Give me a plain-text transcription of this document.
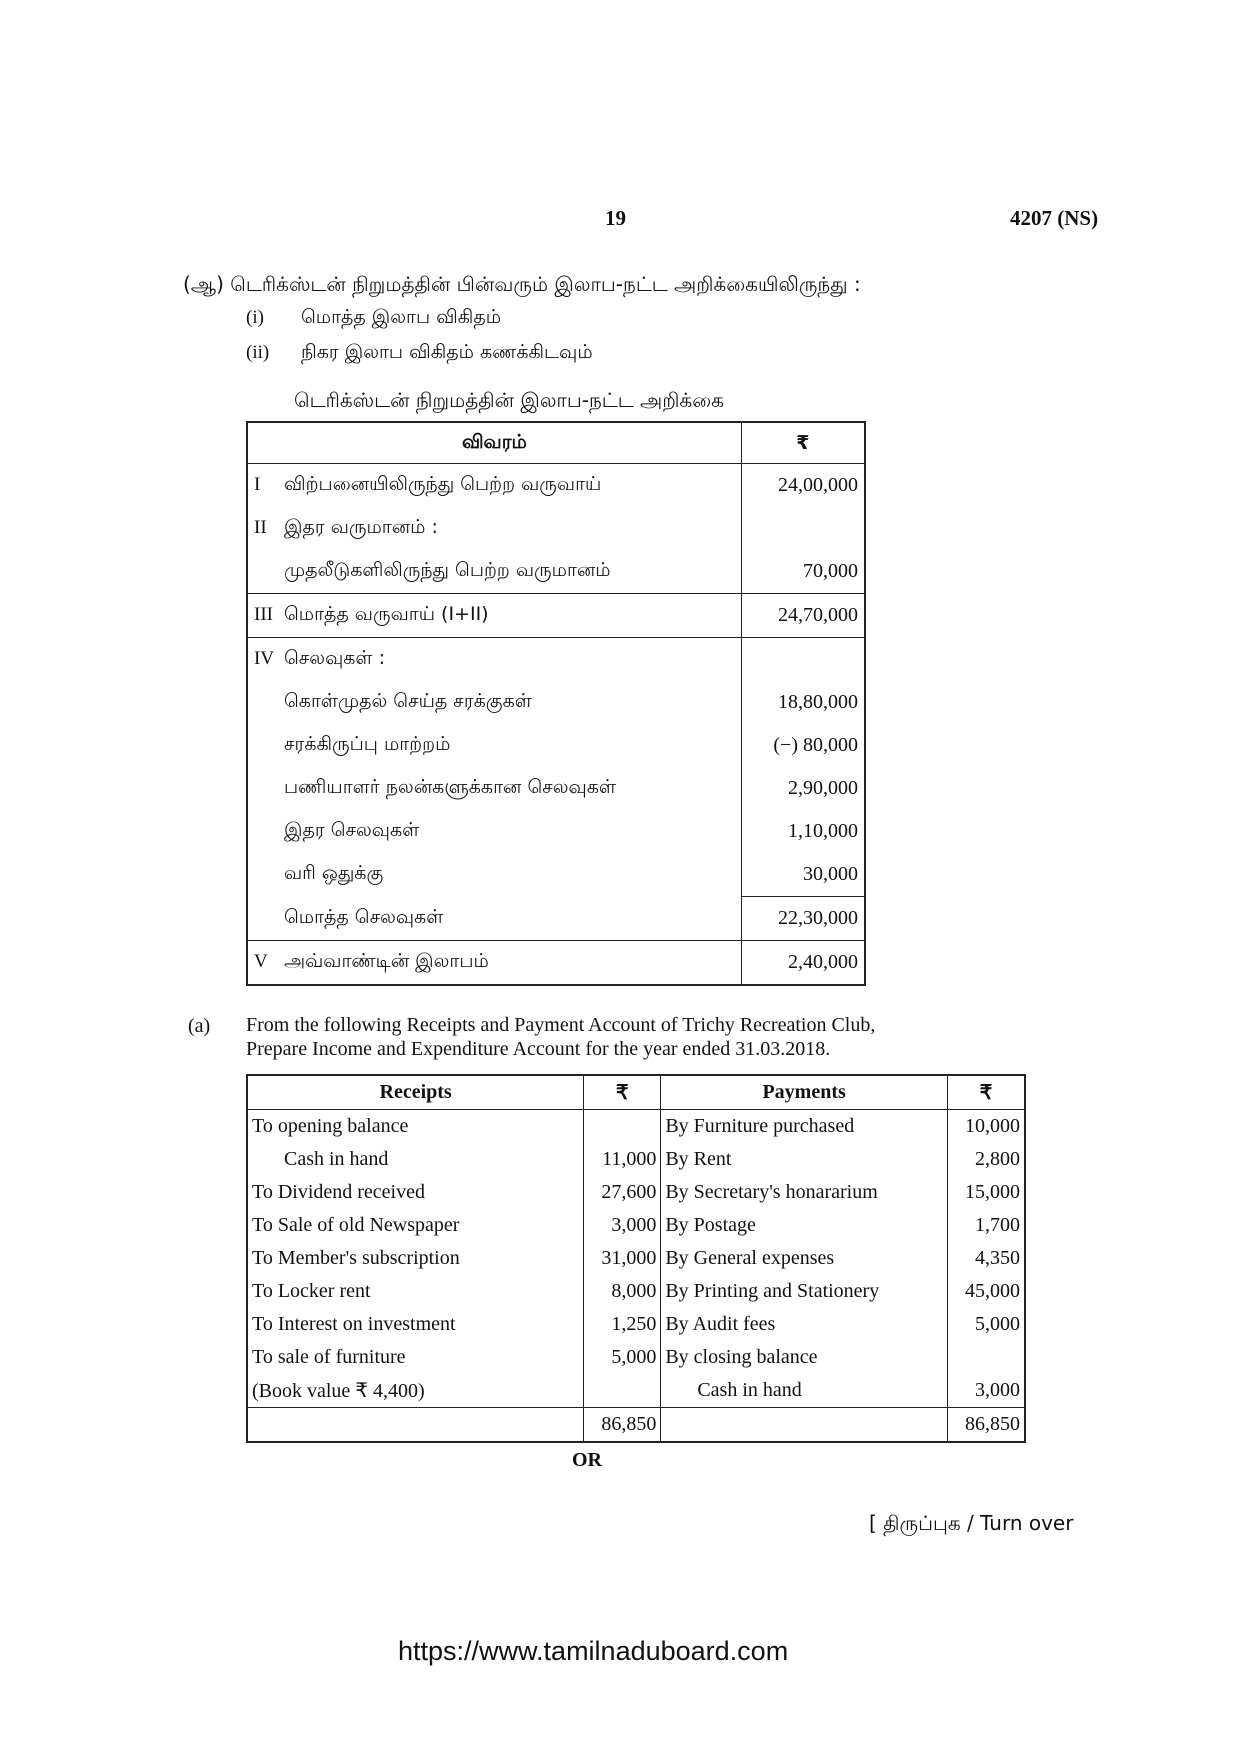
19	4207 (NS)
(ஆ) டெரிக்ஸ்டன் நிறுமத்தின் பின்வரும் இலாப-நட்ட அறிக்கையிலிருந்து :
(i) மொத்த இலாப விகிதம்
(ii) நிகர இலாப விகிதம் கணக்கிடவும்
டெரிக்ஸ்டன் நிறுமத்தின் இலாப-நட்ட அறிக்கை
விவரம்	₹
I விற்பனையிலிருந்து பெற்ற வருவாய்	24,00,000
II இதர வருமானம் :	
முதலீடுகளிலிருந்து பெற்ற வருமானம்	70,000
III மொத்த வருவாய் (I+II)	24,70,000
IV செலவுகள் :	
கொள்முதல் செய்த சரக்குகள்	18,80,000
சரக்கிருப்பு மாற்றம்	(−) 80,000
பணியாளர் நலன்களுக்கான செலவுகள்	2,90,000
இதர செலவுகள்	1,10,000
வரி ஒதுக்கு	30,000
மொத்த செலவுகள்	22,30,000
V அவ்வாண்டின் இலாபம்	2,40,000
(a) From the following Receipts and Payment Account of Trichy Recreation Club,
Prepare Income and Expenditure Account for the year ended 31.03.2018.
Receipts	₹	Payments	₹
To opening balance		By Furniture purchased	10,000
Cash in hand	11,000	By Rent	2,800
To Dividend received	27,600	By Secretary's honararium	15,000
To Sale of old Newspaper	3,000	By Postage	1,700
To Member's subscription	31,000	By General expenses	4,350
To Locker rent	8,000	By Printing and Stationery	45,000
To Interest on investment	1,250	By Audit fees	5,000
To sale of furniture	5,000	By closing balance	
(Book value ₹ 4,400)		Cash in hand	3,000
	86,850		86,850
OR
[ திருப்புக / Turn over
https://www.tamilnaduboard.com
